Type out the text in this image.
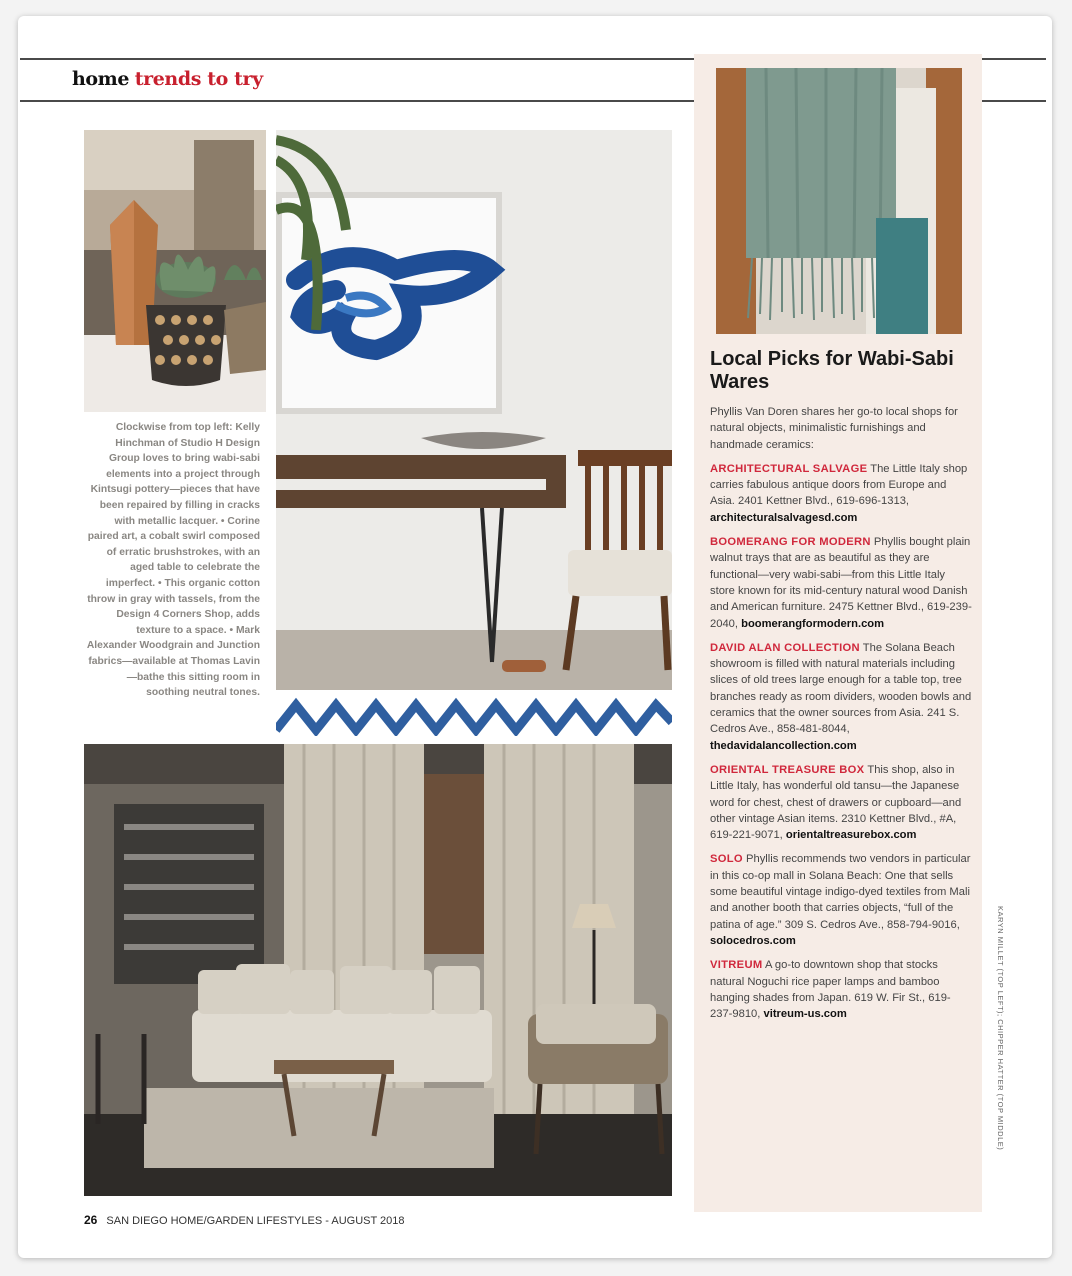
home trends to try
Clockwise from top left: Kelly Hinchman of Studio H Design Group loves to bring wabi-sabi elements into a project through Kintsugi pottery—pieces that have been repaired by filling in cracks with metallic lacquer. • Corine paired art, a cobalt swirl composed of erratic brushstrokes, with an aged table to celebrate the imperfect. • This organic cotton throw in gray with tassels, from the Design 4 Corners Shop, adds texture to a space. • Mark Alexander Woodgrain and Junction fabrics—available at Thomas Lavin—bathe this sitting room in soothing neutral tones.
Local Picks for Wabi-Sabi Wares

Phyllis Van Doren shares her go-to local shops for natural objects, minimalistic furnishings and handmade ceramics:

ARCHITECTURAL SALVAGE The Little Italy shop carries fabulous antique doors from Europe and Asia. 2401 Kettner Blvd., 619-696-1313, architecturalsalvagesd.com

BOOMERANG FOR MODERN Phyllis bought plain walnut trays that are as beautiful as they are functional—very wabi-sabi—from this Little Italy store known for its mid-century natural wood Danish and American furniture. 2475 Kettner Blvd., 619-239-2040, boomerangformodern.com

DAVID ALAN COLLECTION The Solana Beach showroom is filled with natural materials including slices of old trees large enough for a table top, tree branches ready as room dividers, wooden bowls and ceramics that the owner sources from Asia. 241 S. Cedros Ave., 858-481-8044, thedavidalancollection.com

ORIENTAL TREASURE BOX This shop, also in Little Italy, has wonderful old tansu—the Japanese word for chest, chest of drawers or cupboard—and other vintage Asian items. 2310 Kettner Blvd., #A, 619-221-9071, orientaltreasurebox.com

SOLO Phyllis recommends two vendors in particular in this co-op mall in Solana Beach: One that sells some beautiful vintage indigo-dyed textiles from Mali and another booth that carries objects, “full of the patina of age.” 309 S. Cedros Ave., 858-794-9016, solocedros.com

VITREUM A go-to downtown shop that stocks natural Noguchi rice paper lamps and bamboo hanging shades from Japan. 619 W. Fir St., 619-237-9810, vitreum-us.com	KARYN MILLET (TOP LEFT); CHIPPER HATTER (TOP MIDDLE)
26 SAN DIEGO HOME/GARDEN LIFESTYLES - AUGUST 2018
